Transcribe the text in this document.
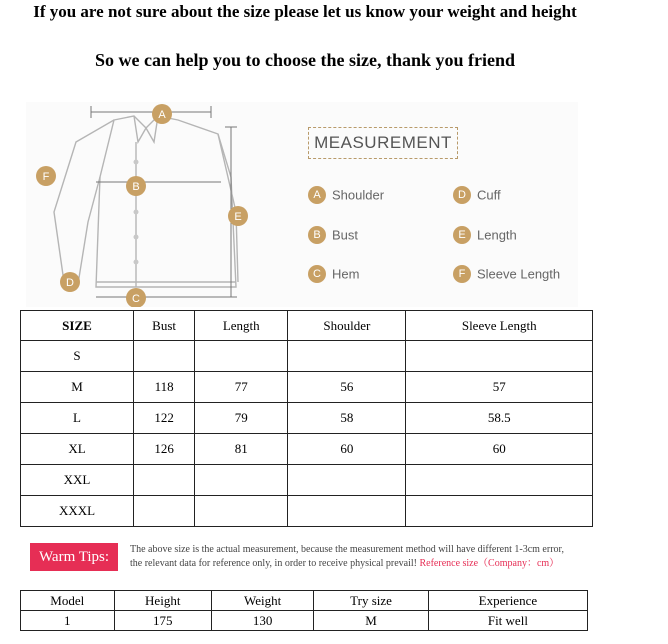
If you are not sure about the size please let us know your weight and height
So we can help you to choose the size, thank you friend
A
B
C
D
E
F
MEASUREMENT
A Shoulder
B Bust
C Hem
D Cuff
E Length
F Sleeve Length
SIZE	Bust	Length	Shoulder	Sleeve Length
S				
M	118	77	56	57
L	122	79	58	58.5
XL	126	81	60	60
XXL				
XXXL				
Warm Tips:	The above size is the actual measurement, because the measurement method will have different 1-3cm error,
the relevant data for reference only, in order to receive physical prevail! Reference size（Company：cm）
Model	Height	Weight	Try size	Experience
1	175	130	M	Fit well
